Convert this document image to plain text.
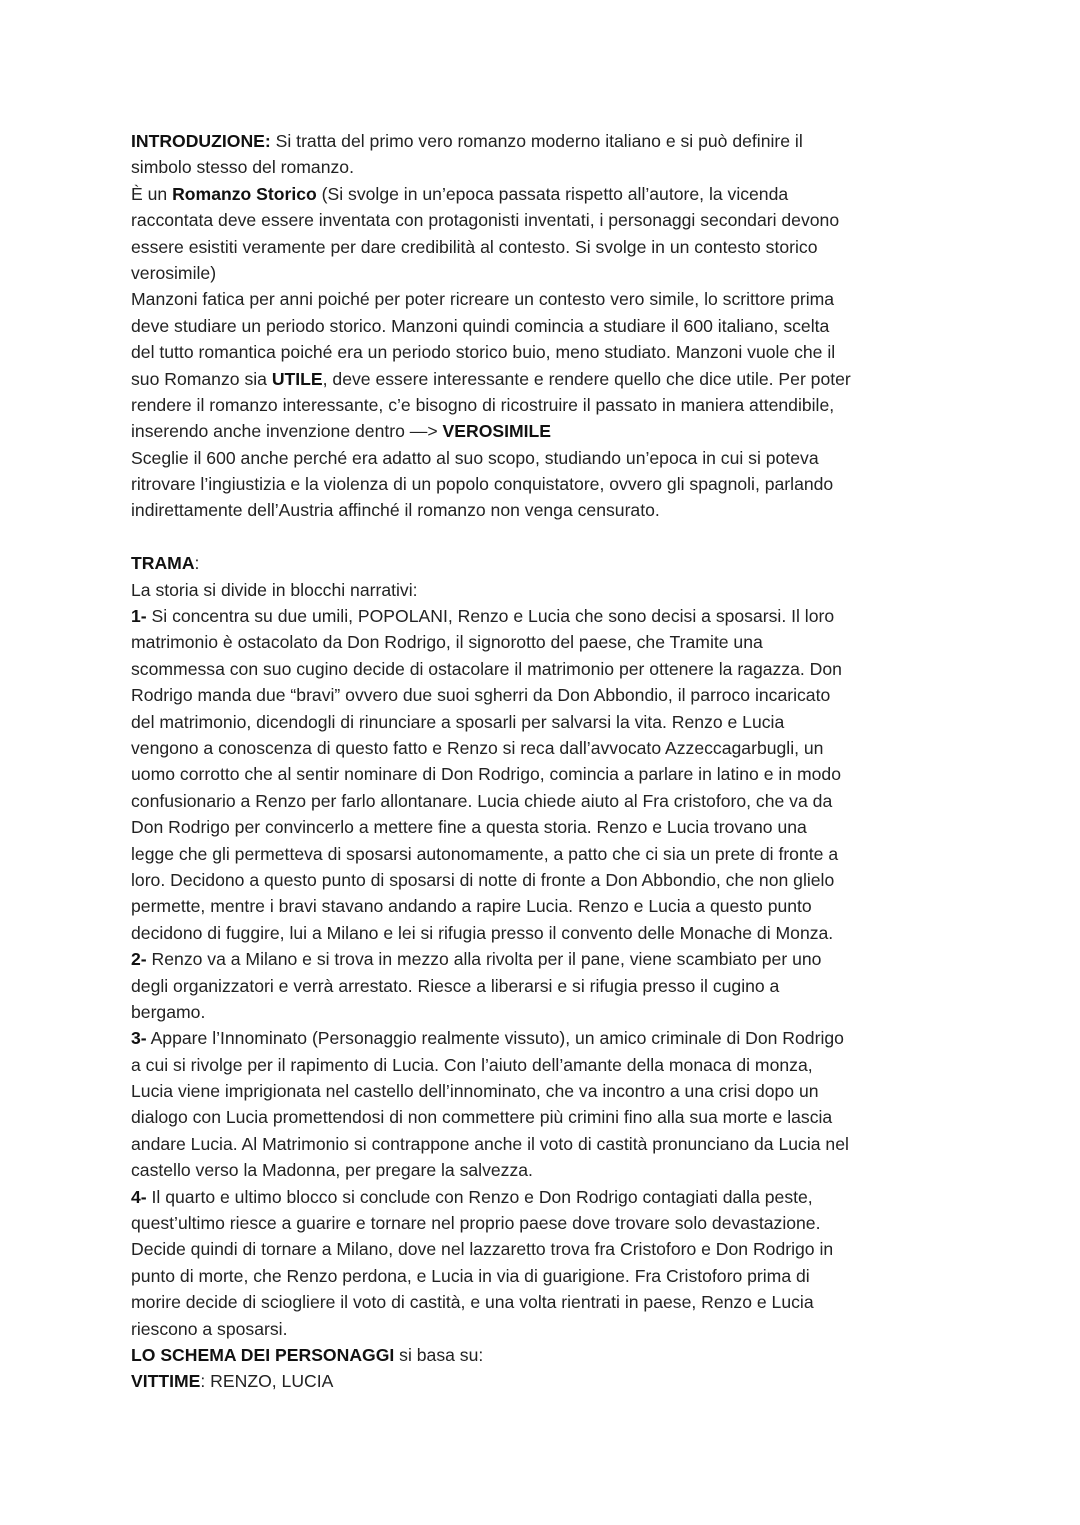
INTRODUZIONE: Si tratta del primo vero romanzo moderno italiano e si può definire il
simbolo stesso del romanzo.
È un Romanzo Storico (Si svolge in un’epoca passata rispetto all’autore, la vicenda
raccontata deve essere inventata con protagonisti inventati, i personaggi secondari devono
essere esistiti veramente per dare credibilità al contesto. Si svolge in un contesto storico
verosimile)
Manzoni fatica per anni poiché per poter ricreare un contesto vero simile, lo scrittore prima
deve studiare un periodo storico. Manzoni quindi comincia a studiare il 600 italiano, scelta
del tutto romantica poiché era un periodo storico buio, meno studiato. Manzoni vuole che il
suo Romanzo sia UTILE, deve essere interessante e rendere quello che dice utile. Per poter
rendere il romanzo interessante, c’e bisogno di ricostruire il passato in maniera attendibile,
inserendo anche invenzione dentro —> VEROSIMILE
Sceglie il 600 anche perché era adatto al suo scopo, studiando un’epoca in cui si poteva
ritrovare l’ingiustizia e la violenza di un popolo conquistatore, ovvero gli spagnoli, parlando
indirettamente dell’Austria affinché il romanzo non venga censurato.
TRAMA:
La storia si divide in blocchi narrativi:
1- Si concentra su due umili, POPOLANI, Renzo e Lucia che sono decisi a sposarsi. Il loro
matrimonio è ostacolato da Don Rodrigo, il signorotto del paese, che Tramite una
scommessa con suo cugino decide di ostacolare il matrimonio per ottenere la ragazza. Don
Rodrigo manda due “bravi” ovvero due suoi sgherri da Don Abbondio, il parroco incaricato
del matrimonio, dicendogli di rinunciare a sposarli per salvarsi la vita. Renzo e Lucia
vengono a conoscenza di questo fatto e Renzo si reca dall’avvocato Azzeccagarbugli, un
uomo corrotto che al sentir nominare di Don Rodrigo, comincia a parlare in latino e in modo
confusionario a Renzo per farlo allontanare. Lucia chiede aiuto al Fra cristoforo, che va da
Don Rodrigo per convincerlo a mettere fine a questa storia. Renzo e Lucia trovano una
legge che gli permetteva di sposarsi autonomamente, a patto che ci sia un prete di fronte a
loro. Decidono a questo punto di sposarsi di notte di fronte a Don Abbondio, che non glielo
permette, mentre i bravi stavano andando a rapire Lucia. Renzo e Lucia a questo punto
decidono di fuggire, lui a Milano e lei si rifugia presso il convento delle Monache di Monza.
2- Renzo va a Milano e si trova in mezzo alla rivolta per il pane, viene scambiato per uno
degli organizzatori e verrà arrestato. Riesce a liberarsi e si rifugia presso il cugino a
bergamo.
3- Appare l’Innominato (Personaggio realmente vissuto), un amico criminale di Don Rodrigo
a cui si rivolge per il rapimento di Lucia. Con l’aiuto dell’amante della monaca di monza,
Lucia viene imprigionata nel castello dell’innominato, che va incontro a una crisi dopo un
dialogo con Lucia promettendosi di non commettere più crimini fino alla sua morte e lascia
andare Lucia. Al Matrimonio si contrappone anche il voto di castità pronunciano da Lucia nel
castello verso la Madonna, per pregare la salvezza.
4- Il quarto e ultimo blocco si conclude con Renzo e Don Rodrigo contagiati dalla peste,
quest’ultimo riesce a guarire e tornare nel proprio paese dove trovare solo devastazione.
Decide quindi di tornare a Milano, dove nel lazzaretto trova fra Cristoforo e Don Rodrigo in
punto di morte, che Renzo perdona, e Lucia in via di guarigione. Fra Cristoforo prima di
morire decide di sciogliere il voto di castità, e una volta rientrati in paese, Renzo e Lucia
riescono a sposarsi.
LO SCHEMA DEI PERSONAGGI si basa su:
VITTIME: RENZO, LUCIA
